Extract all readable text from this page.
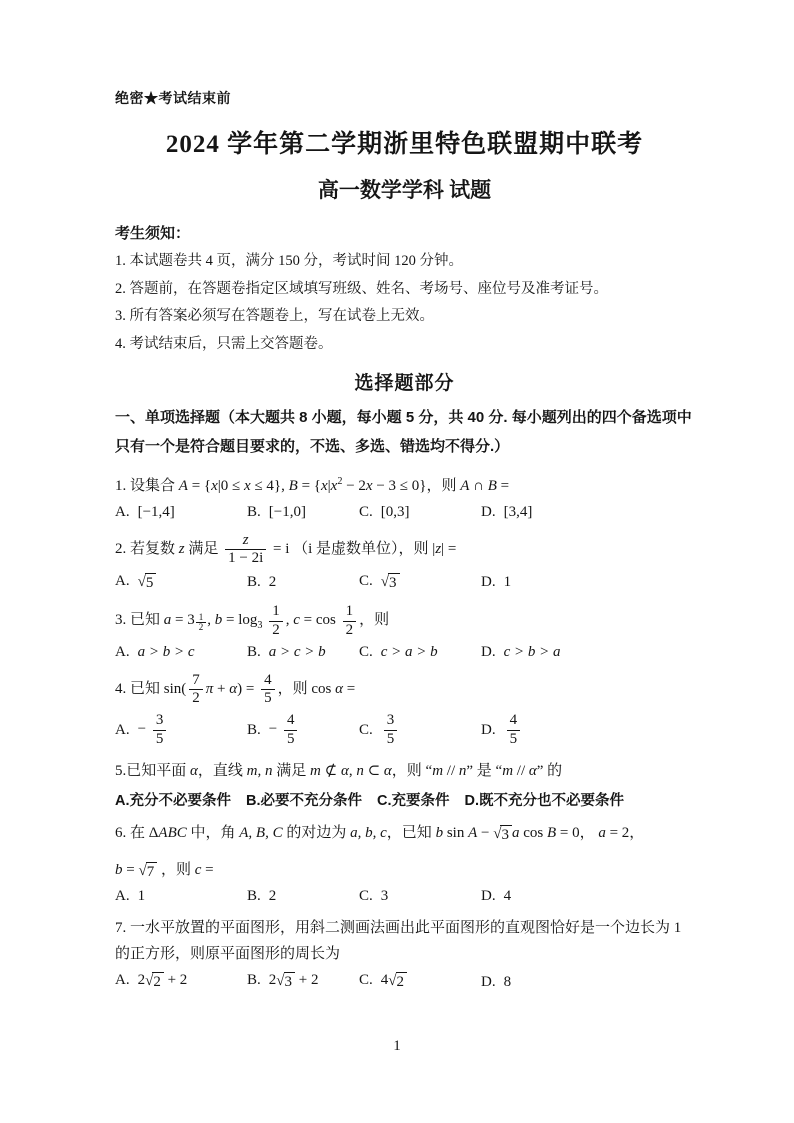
绝密★考试结束前
2024 学年第二学期浙里特色联盟期中联考
高一数学学科 试题

考生须知：

1. 本试题卷共 4 页，满分 150 分，考试时间 120 分钟。

2. 答题前，在答题卷指定区域填写班级、姓名、考场号、座位号及准考证号。

3. 所有答案必须写在答题卷上，写在试卷上无效。

4. 考试结束后，只需上交答题卷。

选择题部分
一、单项选择题（本大题共 8 小题，每小题 5 分，共 40 分. 每小题列出的四个备选项中只有一个是符合题目要求的，不选、多选、错选均不得分.）

1. 设集合 A = {x|0 ≤ x ≤ 4}, $B = \{x|x^2 - 2x - 3 \le 0\}$，则 A ∩ B =

A. [−1,4]	B. [−1,0]	C. [0,3]	D. [3,4]

2. 若复数 z 满足 $\frac{z}{1 - 2i} = i$ （i 是虚数单位），则 |z| =

A. √ 5	B. 2	C. √ 3	D. 1

3. 已知 a = 3 $^{\frac{1}{2}}$ , $b = \log_3 \frac{1}{2}$ , $c = \cos \frac{1}{2}$ ，则

A. a > b > c	B. a > c > b	C. c > a > b	D. c > b > a

4. 已知 $\sin( \frac{7}{2}$ $\pi + \alpha) = \frac{4}{5}$ ，则 cos α =

A. − $\frac{3}{5}$	B. − $\frac{4}{5}$	C. $\frac{3}{5}$	D. $\frac{4}{5}$

5.已知平面 α，直线 m, n 满足 m ⊄ α, n ⊂ α，则 “m // n” 是 “m // α” 的

A.充分不必要条件 B.必要不充分条件 C.充要条件 D.既不充分也不必要条件

6. 在 ΔABC 中，角 A, B, C 的对边为 a, b, c，已知 b sin A − √ 3 a cos B = 0， a = 2，

b = √ 7 ，则 c =

A. 1	B. 2	C. 3	D. 4

7. 一水平放置的平面图形，用斜二测画法画出此平面图形的直观图恰好是一个边长为 1 的正方形，则原平面图形的周长为

A. 2 √ 2 + 2	B. 2 √ 3 + 2	C. 4 √ 2	D. 8
1
